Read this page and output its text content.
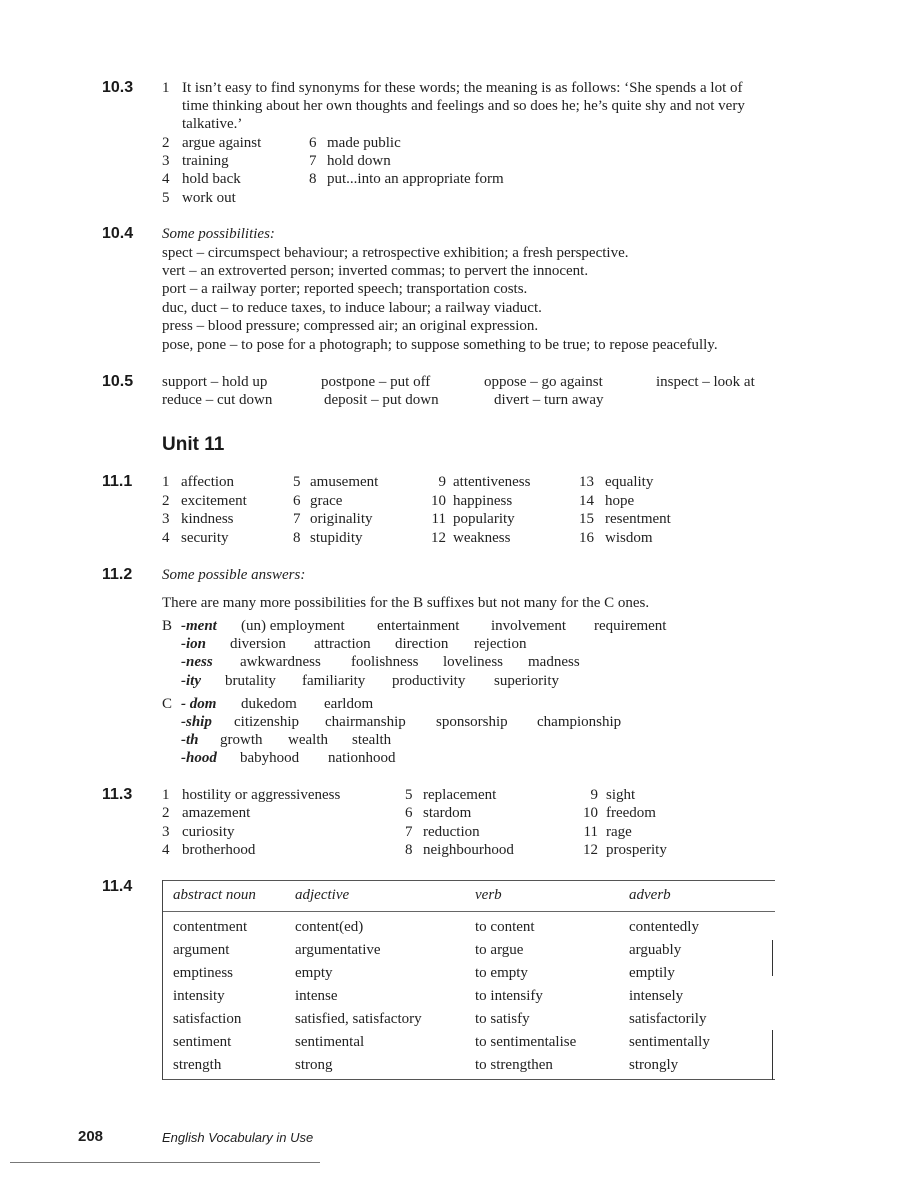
10.3 1 It isn’t easy to find synonyms for these words; the meaning is as follows: ‘She spends a lot of
time thinking about her own thoughts and feelings and so does he; he’s quite shy and not very
talkative.’
2 argue against
3 training
4 hold back
5 work out
6 made public
7 hold down
8 put...into an appropriate form
10.4 Some possibilities:
spect – circumspect behaviour; a retrospective exhibition; a fresh perspective.
vert – an extroverted person; inverted commas; to pervert the innocent.
port – a railway porter; reported speech; transportation costs.
duc, duct – to reduce taxes, to induce labour; a railway viaduct.
press – blood pressure; compressed air; an original expression.
pose, pone – to pose for a photograph; to suppose something to be true; to repose peacefully.
10.5 support – hold up	postpone – put off	oppose – go against	inspect – look at
reduce – cut down	deposit – put down	divert – turn away
Unit 11
11.1 1 affection
2 excitement
3 kindness
4 security
5 amusement
6 grace
7 originality
8 stupidity
9 attentiveness
10 happiness
11 popularity
12 weakness
13 equality
14 hope
15 resentment
16 wisdom
11.2 Some possible answers:
There are many more possibilities for the B suffixes but not many for the C ones.
B -ment (un) employment entertainment involvement requirement
-ion diversion attraction direction rejection
-ness awkwardness foolishness loveliness madness
-ity brutality familiarity productivity superiority
C - dom dukedom earldom
-ship citizenship chairmanship sponsorship championship
-th growth wealth stealth
-hood babyhood nationhood
11.3 1 hostility or aggressiveness
2 amazement
3 curiosity
4 brotherhood
5 replacement
6 stardom
7 reduction
8 neighbourhood
9 sight
10 freedom
11 rage
12 prosperity
11.4	abstract noun	adjective	verb	adverb
contentment	content(ed)	to content	contentedly
argument	argumentative	to argue	arguably
emptiness	empty	to empty	emptily
intensity	intense	to intensify	intensely
satisfaction	satisfied, satisfactory	to satisfy	satisfactorily
sentiment	sentimental	to sentimentalise	sentimentally
strength	strong	to strengthen	strongly
208	English Vocabulary in Use
